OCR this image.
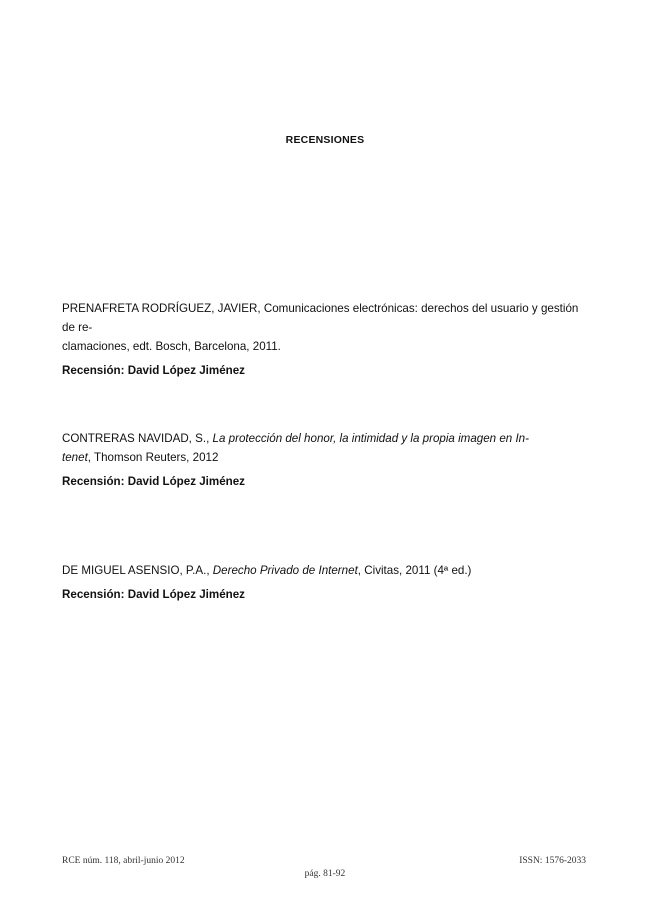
RECENSIONES

PRENAFRETA RODRÍGUEZ, JAVIER, Comunicaciones electrónicas: derechos del usuario y gestión de re-
clamaciones, edt. Bosch, Barcelona, 2011.

Recensión: David López Jiménez

CONTRERAS NAVIDAD, S., La protección del honor, la intimidad y la propia imagen en In-
tenet, Thomson Reuters, 2012

Recensión: David López Jiménez

DE MIGUEL ASENSIO, P.A., Derecho Privado de Internet, Civitas, 2011 (4ª ed.)

Recensión: David López Jiménez

RCE núm. 118, abril-junio 2012	ISSN: 1576-2033
pág. 81-92
